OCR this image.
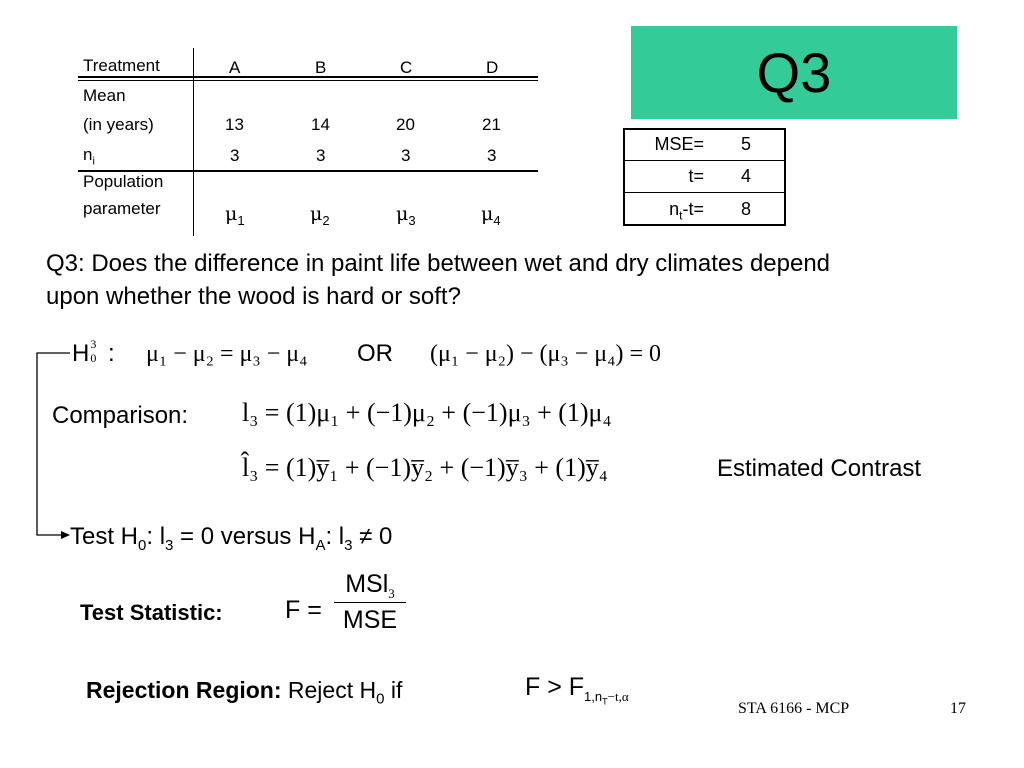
Treatment	A	B	C	D
Mean
(in years)	13	14	20	21
$n_i$	3	3	3	3
Population
parameter	$\mu_1$	$\mu_2$	$\mu_3$	$\mu_4$
Q3
MSE= 5
t= 4
$n_t-t= 8$
Q3: Does the difference in paint life between wet and dry climates depend
upon whether the wood is hard or soft?
H 3
0 : μ₁ − μ₂ = μ₃ − μ₄ OR (μ₁ − μ₂) − (μ₃ − μ₄) = 0
Comparison: l₃ = (1)μ₁ + (−1)μ₂ + (−1)μ₃ + (1)μ₄
l̂₃ = (1)y̅₁ + (−1)y̅₂ + (−1)y̅₃ + (1)y̅₄	Estimated Contrast
Test $H_0$: $l_3 = 0$ versus $H_A$: $l_3 \ne 0$
Test Statistic: F =
MSl$_3$
MSE
Rejection Region: Reject $H_0$ if	$F > F_{1,n_T-t,\alpha}$
STA 6166 - MCP	17
